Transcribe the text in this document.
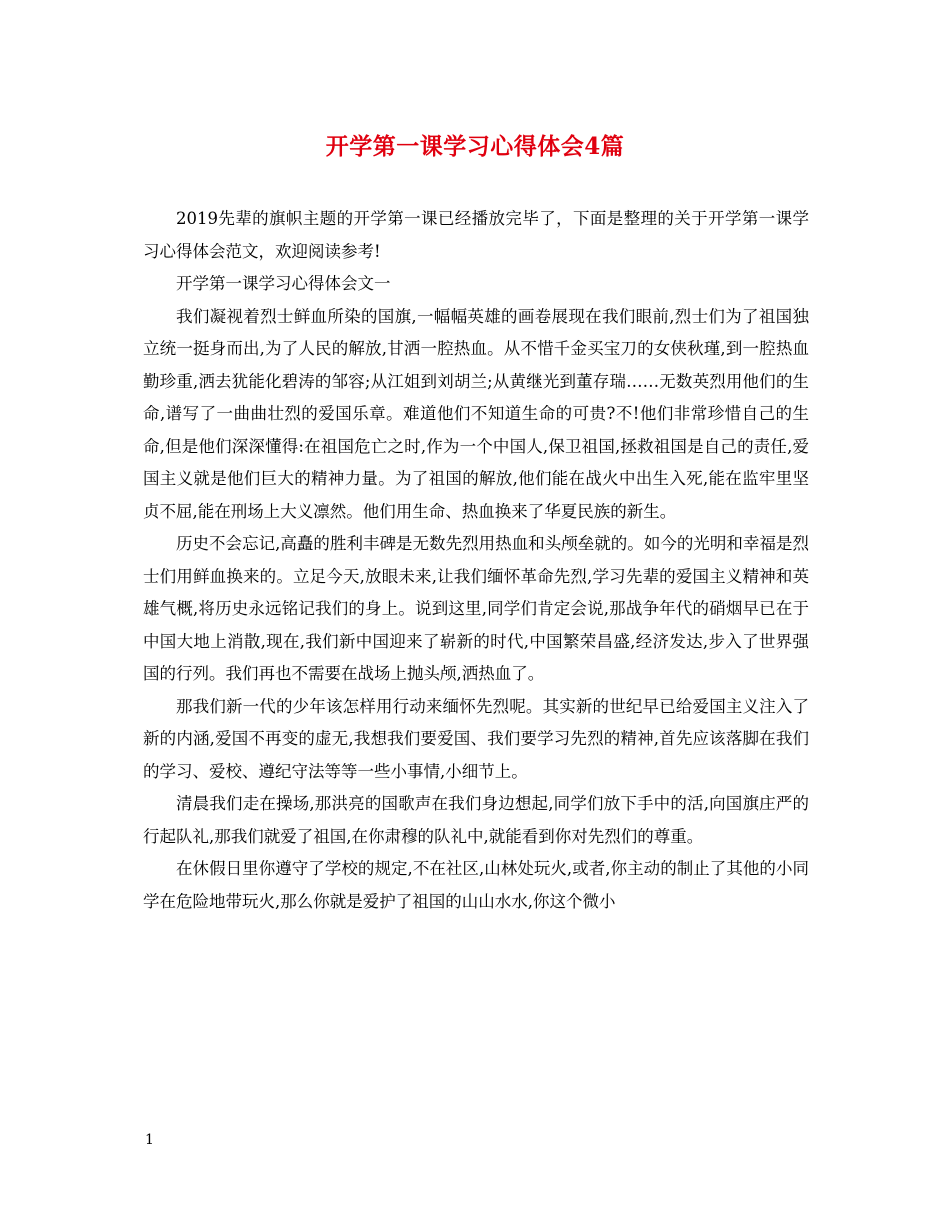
开学第一课学习心得体会4篇

2019先辈的旗帜主题的开学第一课已经播放完毕了，下面是整理的关于开学第一课学习心得体会范文，欢迎阅读参考!

开学第一课学习心得体会文一

我们凝视着烈士鲜血所染的国旗,一幅幅英雄的画卷展现在我们眼前,烈士们为了祖国独立统一挺身而出,为了人民的解放,甘洒一腔热血。从不惜千金买宝刀的女侠秋瑾,到一腔热血勤珍重,洒去犹能化碧涛的邹容;从江姐到刘胡兰;从黄继光到董存瑞……无数英烈用他们的生命,谱写了一曲曲壮烈的爱国乐章。难道他们不知道生命的可贵?不!他们非常珍惜自己的生命,但是他们深深懂得:在祖国危亡之时,作为一个中国人,保卫祖国,拯救祖国是自己的责任,爱国主义就是他们巨大的精神力量。为了祖国的解放,他们能在战火中出生入死,能在监牢里坚贞不屈,能在刑场上大义凛然。他们用生命、热血换来了华夏民族的新生。

历史不会忘记,高矗的胜利丰碑是无数先烈用热血和头颅垒就的。如今的光明和幸福是烈士们用鲜血换来的。立足今天,放眼未来,让我们缅怀革命先烈,学习先辈的爱国主义精神和英雄气概,将历史永远铭记我们的身上。说到这里,同学们肯定会说,那战争年代的硝烟早已在于中国大地上消散,现在,我们新中国迎来了崭新的时代,中国繁荣昌盛,经济发达,步入了世界强国的行列。我们再也不需要在战场上抛头颅,洒热血了。

那我们新一代的少年该怎样用行动来缅怀先烈呢。其实新的世纪早已给爱国主义注入了新的内涵,爱国不再变的虚无,我想我们要爱国、我们要学习先烈的精神,首先应该落脚在我们的学习、爱校、遵纪守法等等一些小事情,小细节上。

清晨我们走在操场,那洪亮的国歌声在我们身边想起,同学们放下手中的活,向国旗庄严的行起队礼,那我们就爱了祖国,在你肃穆的队礼中,就能看到你对先烈们的尊重。

在休假日里你遵守了学校的规定,不在社区,山林处玩火,或者,你主动的制止了其他的小同学在危险地带玩火,那么你就是爱护了祖国的山山水水,你这个微小

1
